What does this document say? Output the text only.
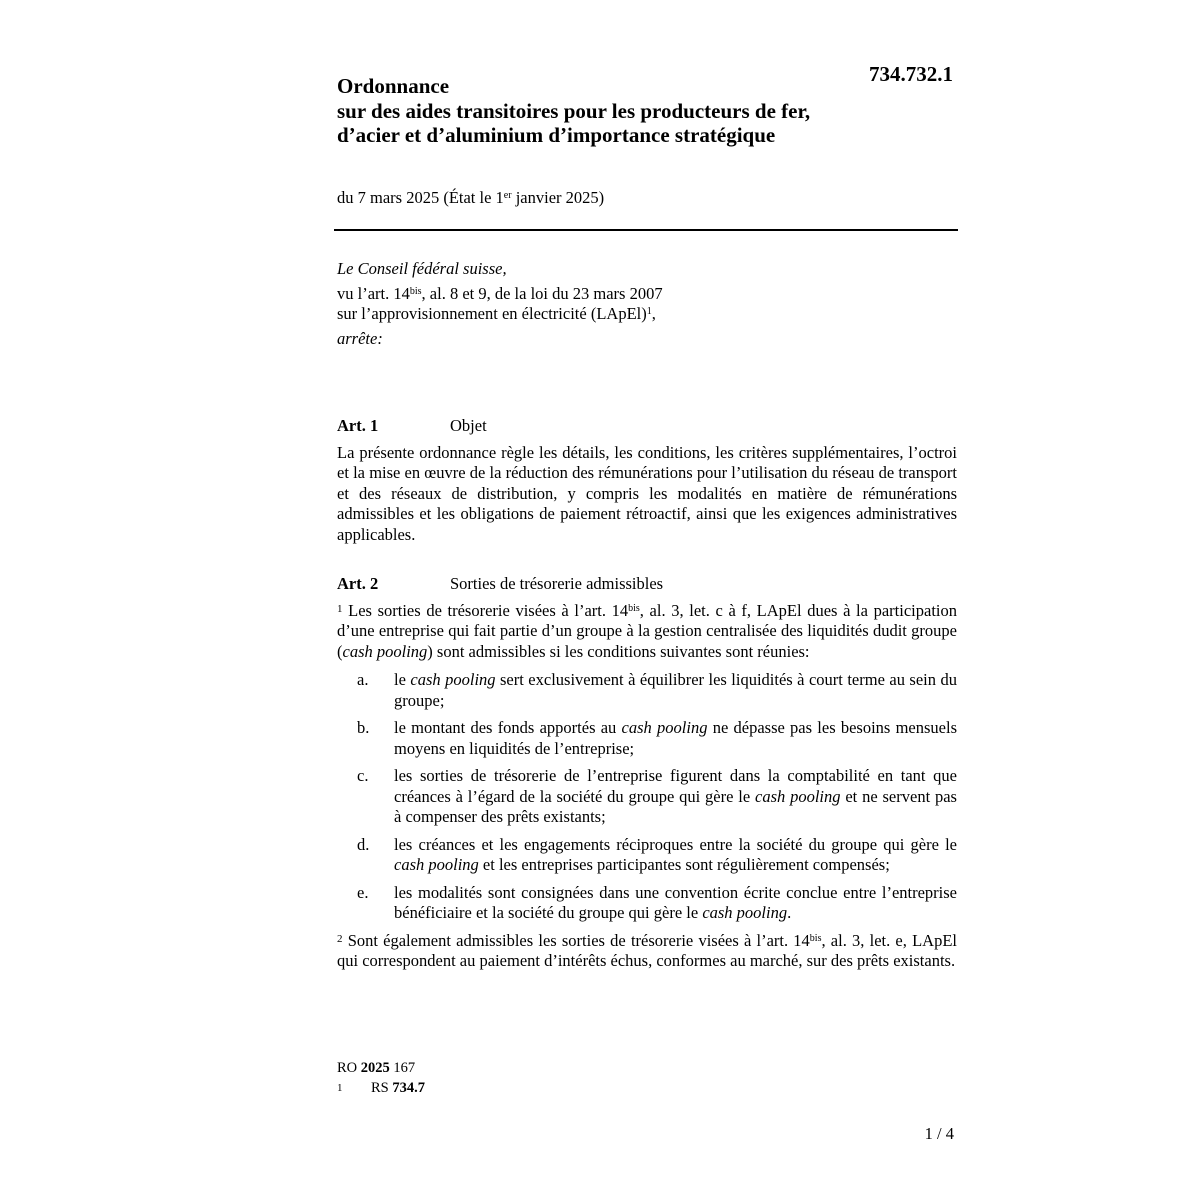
734.732.1
Ordonnance
sur des aides transitoires pour les producteurs de fer,
d’acier et d’aluminium d’importance stratégique
du 7 mars 2025 (État le 1er janvier 2025)
Le Conseil fédéral suisse,
vu l’art. $14^{bis}$, al. 8 et 9, de la loi du 23 mars 2007
sur l’approvisionnement en électricité (LApEl)$^1$,
arrête:
Art. 1	Objet
La présente ordonnance règle les détails, les conditions, les critères supplémentaires, l’octroi et la mise en œuvre de la réduction des rémunérations pour l’utilisation du réseau de transport et des réseaux de distribution, y compris les modalités en matière de rémunérations admissibles et les obligations de paiement rétroactif, ainsi que les exigences administratives applicables.
Art. 2	Sorties de trésorerie admissibles
$^1$ Les sorties de trésorerie visées à l’art. $14^{bis}$, al. 3, let. c à f, LApEl dues à la participation d’une entreprise qui fait partie d’un groupe à la gestion centralisée des liquidités dudit groupe (cash pooling) sont admissibles si les conditions suivantes sont réunies:
a.	le cash pooling sert exclusivement à équilibrer les liquidités à court terme au sein du groupe;
b.	le montant des fonds apportés au cash pooling ne dépasse pas les besoins mensuels moyens en liquidités de l’entreprise;
c.	les sorties de trésorerie de l’entreprise figurent dans la comptabilité en tant que créances à l’égard de la société du groupe qui gère le cash pooling et ne servent pas à compenser des prêts existants;
d.	les créances et les engagements réciproques entre la société du groupe qui gère le cash pooling et les entreprises participantes sont régulièrement compensés;
e.	les modalités sont consignées dans une convention écrite conclue entre l’entreprise bénéficiaire et la société du groupe qui gère le cash pooling.
$^2$ Sont également admissibles les sorties de trésorerie visées à l’art. $14^{bis}$, al. 3, let. e, LApEl qui correspondent au paiement d’intérêts échus, conformes au marché, sur des prêts existants.
RO 2025 167
1	RS 734.7
1 / 4
